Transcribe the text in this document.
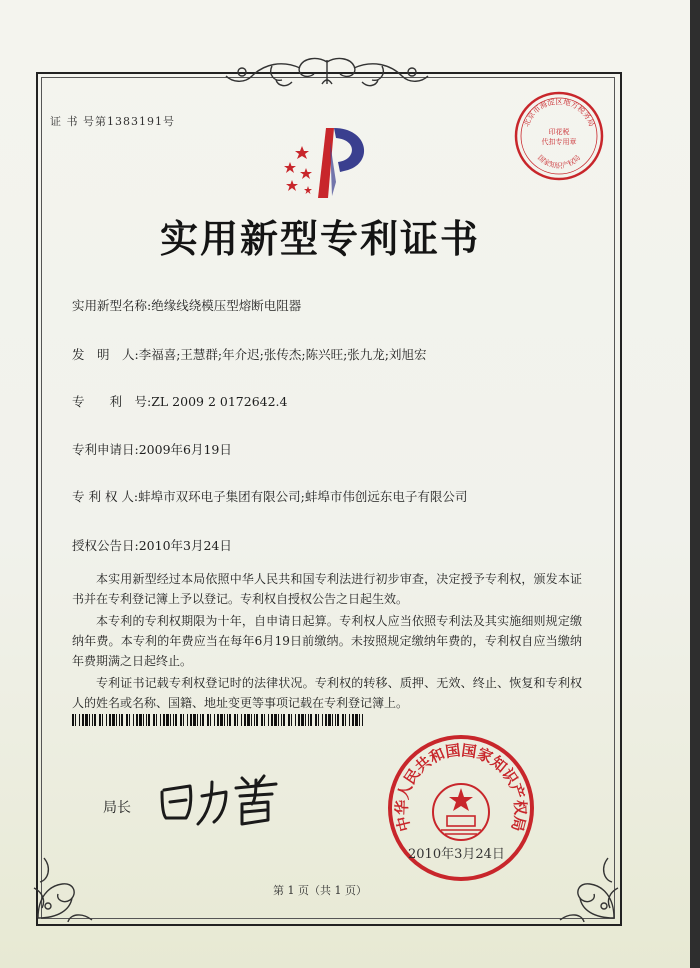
证 书 号第1383191号	北京市海淀区地方税务局
国家知识产权局
印花税
代扣专用章
实用新型专利证书
实用新型名称:绝缘线绕模压型熔断电阻器
发　明　人:李福喜;王慧群;年介迟;张传杰;陈兴旺;张九龙;刘旭宏
专　　利　号:ZL 2009 2 0172642.4
专利申请日:2009年6月19日
专 利 权 人:蚌埠市双环电子集团有限公司;蚌埠市伟创远东电子有限公司
授权公告日:2010年3月24日

本实用新型经过本局依照中华人民共和国专利法进行初步审查，决定授予专利权，颁发本证书并在专利登记簿上予以登记。专利权自授权公告之日起生效。

本专利的专利权期限为十年，自申请日起算。专利权人应当依照专利法及其实施细则规定缴纳年费。本专利的年费应当在每年6月19日前缴纳。未按照规定缴纳年费的，专利权自应当缴纳年费期满之日起终止。

专利证书记载专利权登记时的法律状况。专利权的转移、质押、无效、终止、恢复和专利权人的姓名或名称、国籍、地址变更等事项记载在专利登记簿上。

局长
中华人民共和国国家知识产权局
2010年3月24日
第 1 页（共 1 页）
